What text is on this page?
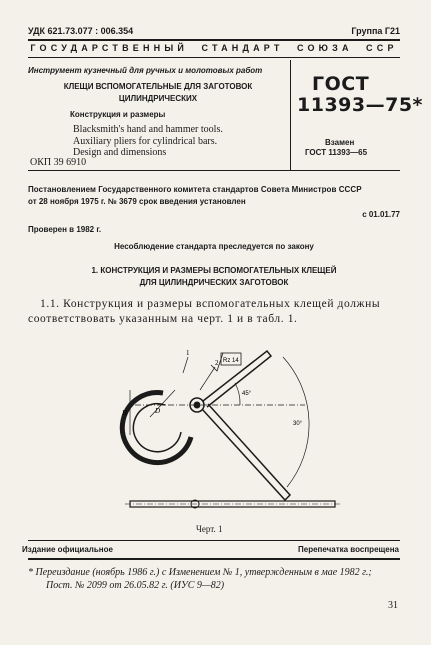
УДК 621.73.077 : 006.354	Группа Г21
ГОСУДАРСТВЕННЫЙ  СТАНДАРТ  СОЮЗА  ССР
Инструмент кузнечный для ручных и молотовых работ
КЛЕЩИ ВСПОМОГАТЕЛЬНЫЕ ДЛЯ ЗАГОТОВОК
ЦИЛИНДРИЧЕСКИХ
Конструкция и размеры
Blacksmith's hand and hammer tools.
Auxiliary pliers for cylindrical bars.
Design and dimensions
ОКП 39 6910
ГОСТ
11393—75*
Взамен
ГОСТ 11393—65
Постановлением Государственного комитета стандартов Совета Министров СССР
от 28 ноября 1975 г. № 3679 срок введения установлен
с 01.01.77
Проверен в 1982 г.
Несоблюдение стандарта преследуется по закону
1. КОНСТРУКЦИЯ И РАЗМЕРЫ ВСПОМОГАТЕЛЬНЫХ КЛЕЩЕЙ
ДЛЯ ЦИЛИНДРИЧЕСКИХ ЗАГОТОВОК
1.1. Конструкция и размеры вспомогательных клещей должны
соответствовать указанным на черт. 1 и в табл. 1.
Rz 14
1
2
45°
30°
D
H
Черт. 1
Издание официальное	Перепечатка воспрещена
* Переиздание (ноябрь 1986 г.) с Изменением № 1, утвержденным в мае 1982 г.;
Пост. № 2099 от 26.05.82 г. (ИУС 9—82)
31
